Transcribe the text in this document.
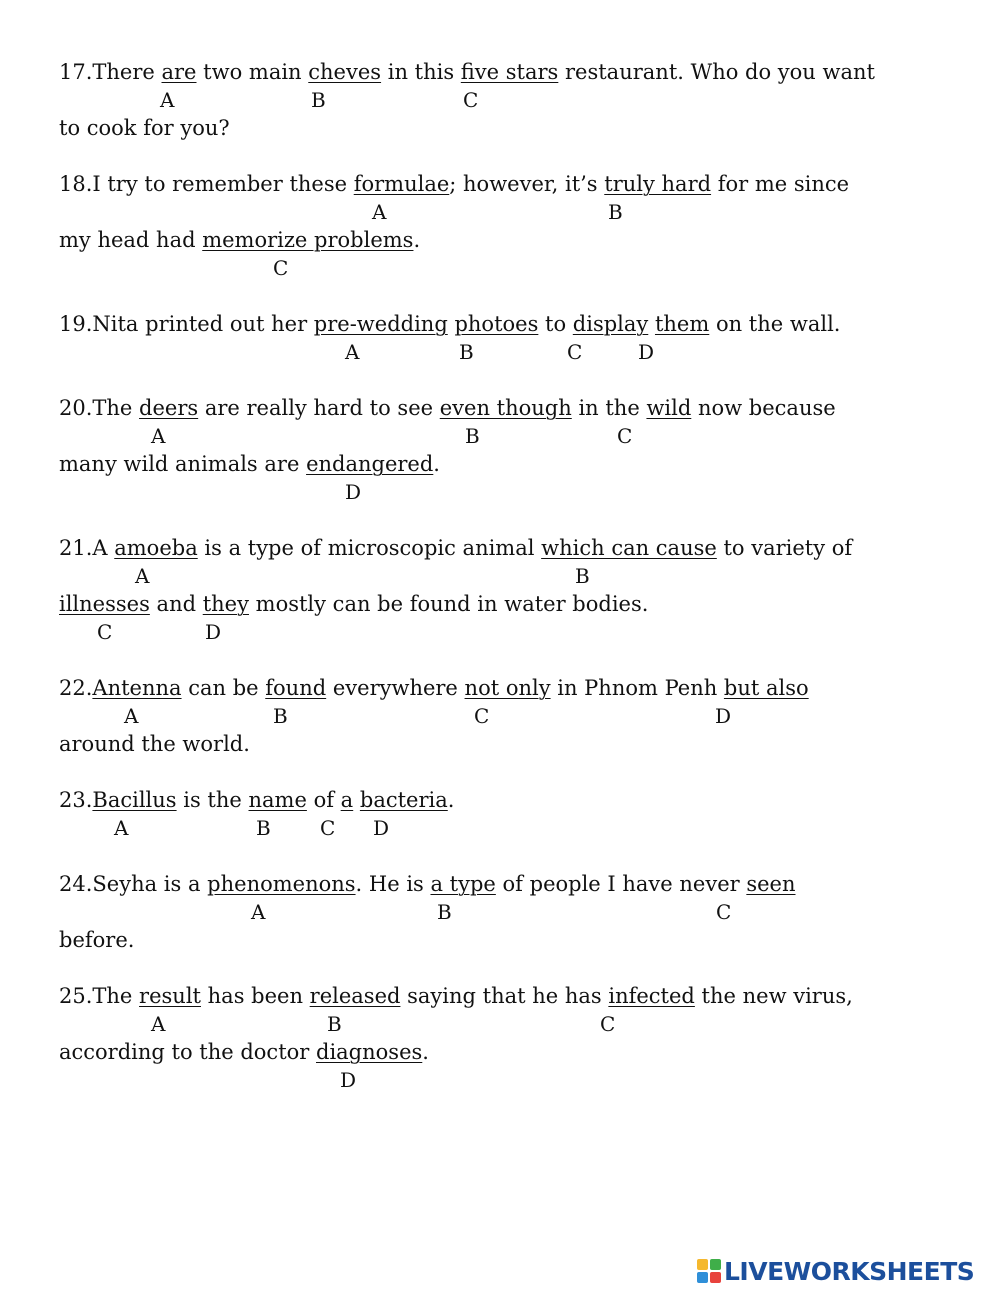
17.There are two main cheves in this five stars restaurant. Who do you want
to cook for you?
A	B	C
18.I try to remember these formulae; however, it’s truly hard for me since
my head had memorize problems.
A	B
C
19.Nita printed out her pre-wedding photoes to display them on the wall.
A	B	C	D
20.The deers are really hard to see even though in the wild now because
many wild animals are endangered.
A	B	C
D
21.A amoeba is a type of microscopic animal which can cause to variety of
illnesses and they mostly can be found in water bodies.
A	B
C	D
22.Antenna can be found everywhere not only in Phnom Penh but also
around the world.
A	B	C	D
23.Bacillus is the name of a bacteria.
A	B C D
24.Seyha is a phenomenons. He is a type of people I have never seen
before.
A	B	C
25.The result has been released saying that he has infected the new virus,
according to the doctor diagnoses.
A	B	C
D
LIVEWORKSHEETS
